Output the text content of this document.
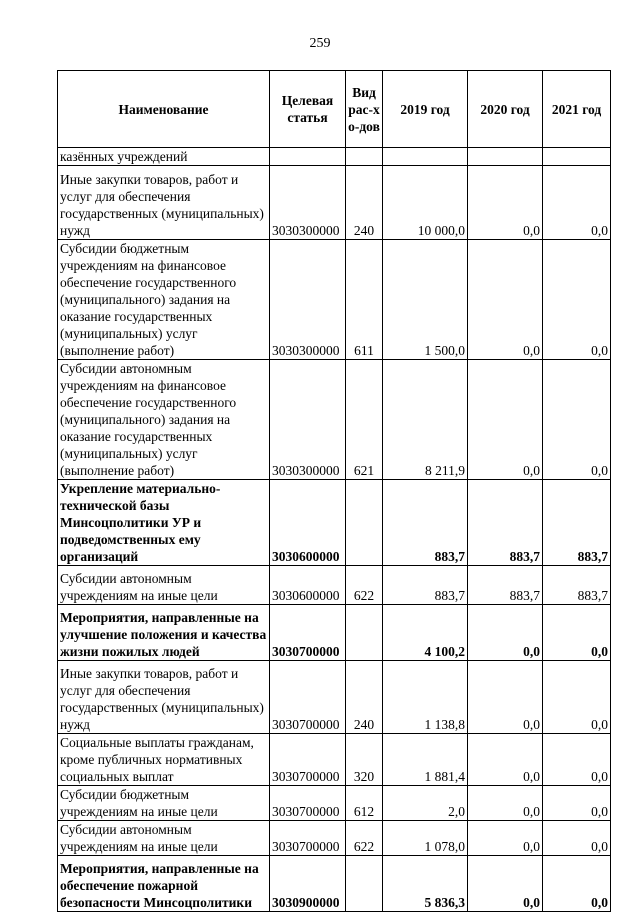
259
Наименование	Целевая статья	Вид рас-хо-дов	2019 год	2020 год	2021 год
казённых учреждений					
Иные закупки товаров, работ и услуг для обеспечения государственных (муниципальных) нужд	3030300000	240	10 000,0	0,0	0,0
Субсидии бюджетным учреждениям на финансовое обеспечение государственного (муниципального) задания на оказание государственных (муниципальных) услуг (выполнение работ)	3030300000	611	1 500,0	0,0	0,0
Субсидии автономным учреждениям на финансовое обеспечение государственного (муниципального) задания на оказание государственных (муниципальных) услуг (выполнение работ)	3030300000	621	8 211,9	0,0	0,0
Укрепление материально-технической базы Минсоцполитики УР и подведомственных ему организаций	3030600000		883,7	883,7	883,7
Субсидии автономным учреждениям на иные цели	3030600000	622	883,7	883,7	883,7
Мероприятия, направленные на улучшение положения и качества жизни пожилых людей	3030700000		4 100,2	0,0	0,0
Иные закупки товаров, работ и услуг для обеспечения государственных (муниципальных) нужд	3030700000	240	1 138,8	0,0	0,0
Социальные выплаты гражданам, кроме публичных нормативных социальных выплат	3030700000	320	1 881,4	0,0	0,0
Субсидии бюджетным учреждениям на иные цели	3030700000	612	2,0	0,0	0,0
Субсидии автономным учреждениям на иные цели	3030700000	622	1 078,0	0,0	0,0
Мероприятия, направленные на обеспечение пожарной безопасности Минсоцполитики	3030900000		5 836,3	0,0	0,0
